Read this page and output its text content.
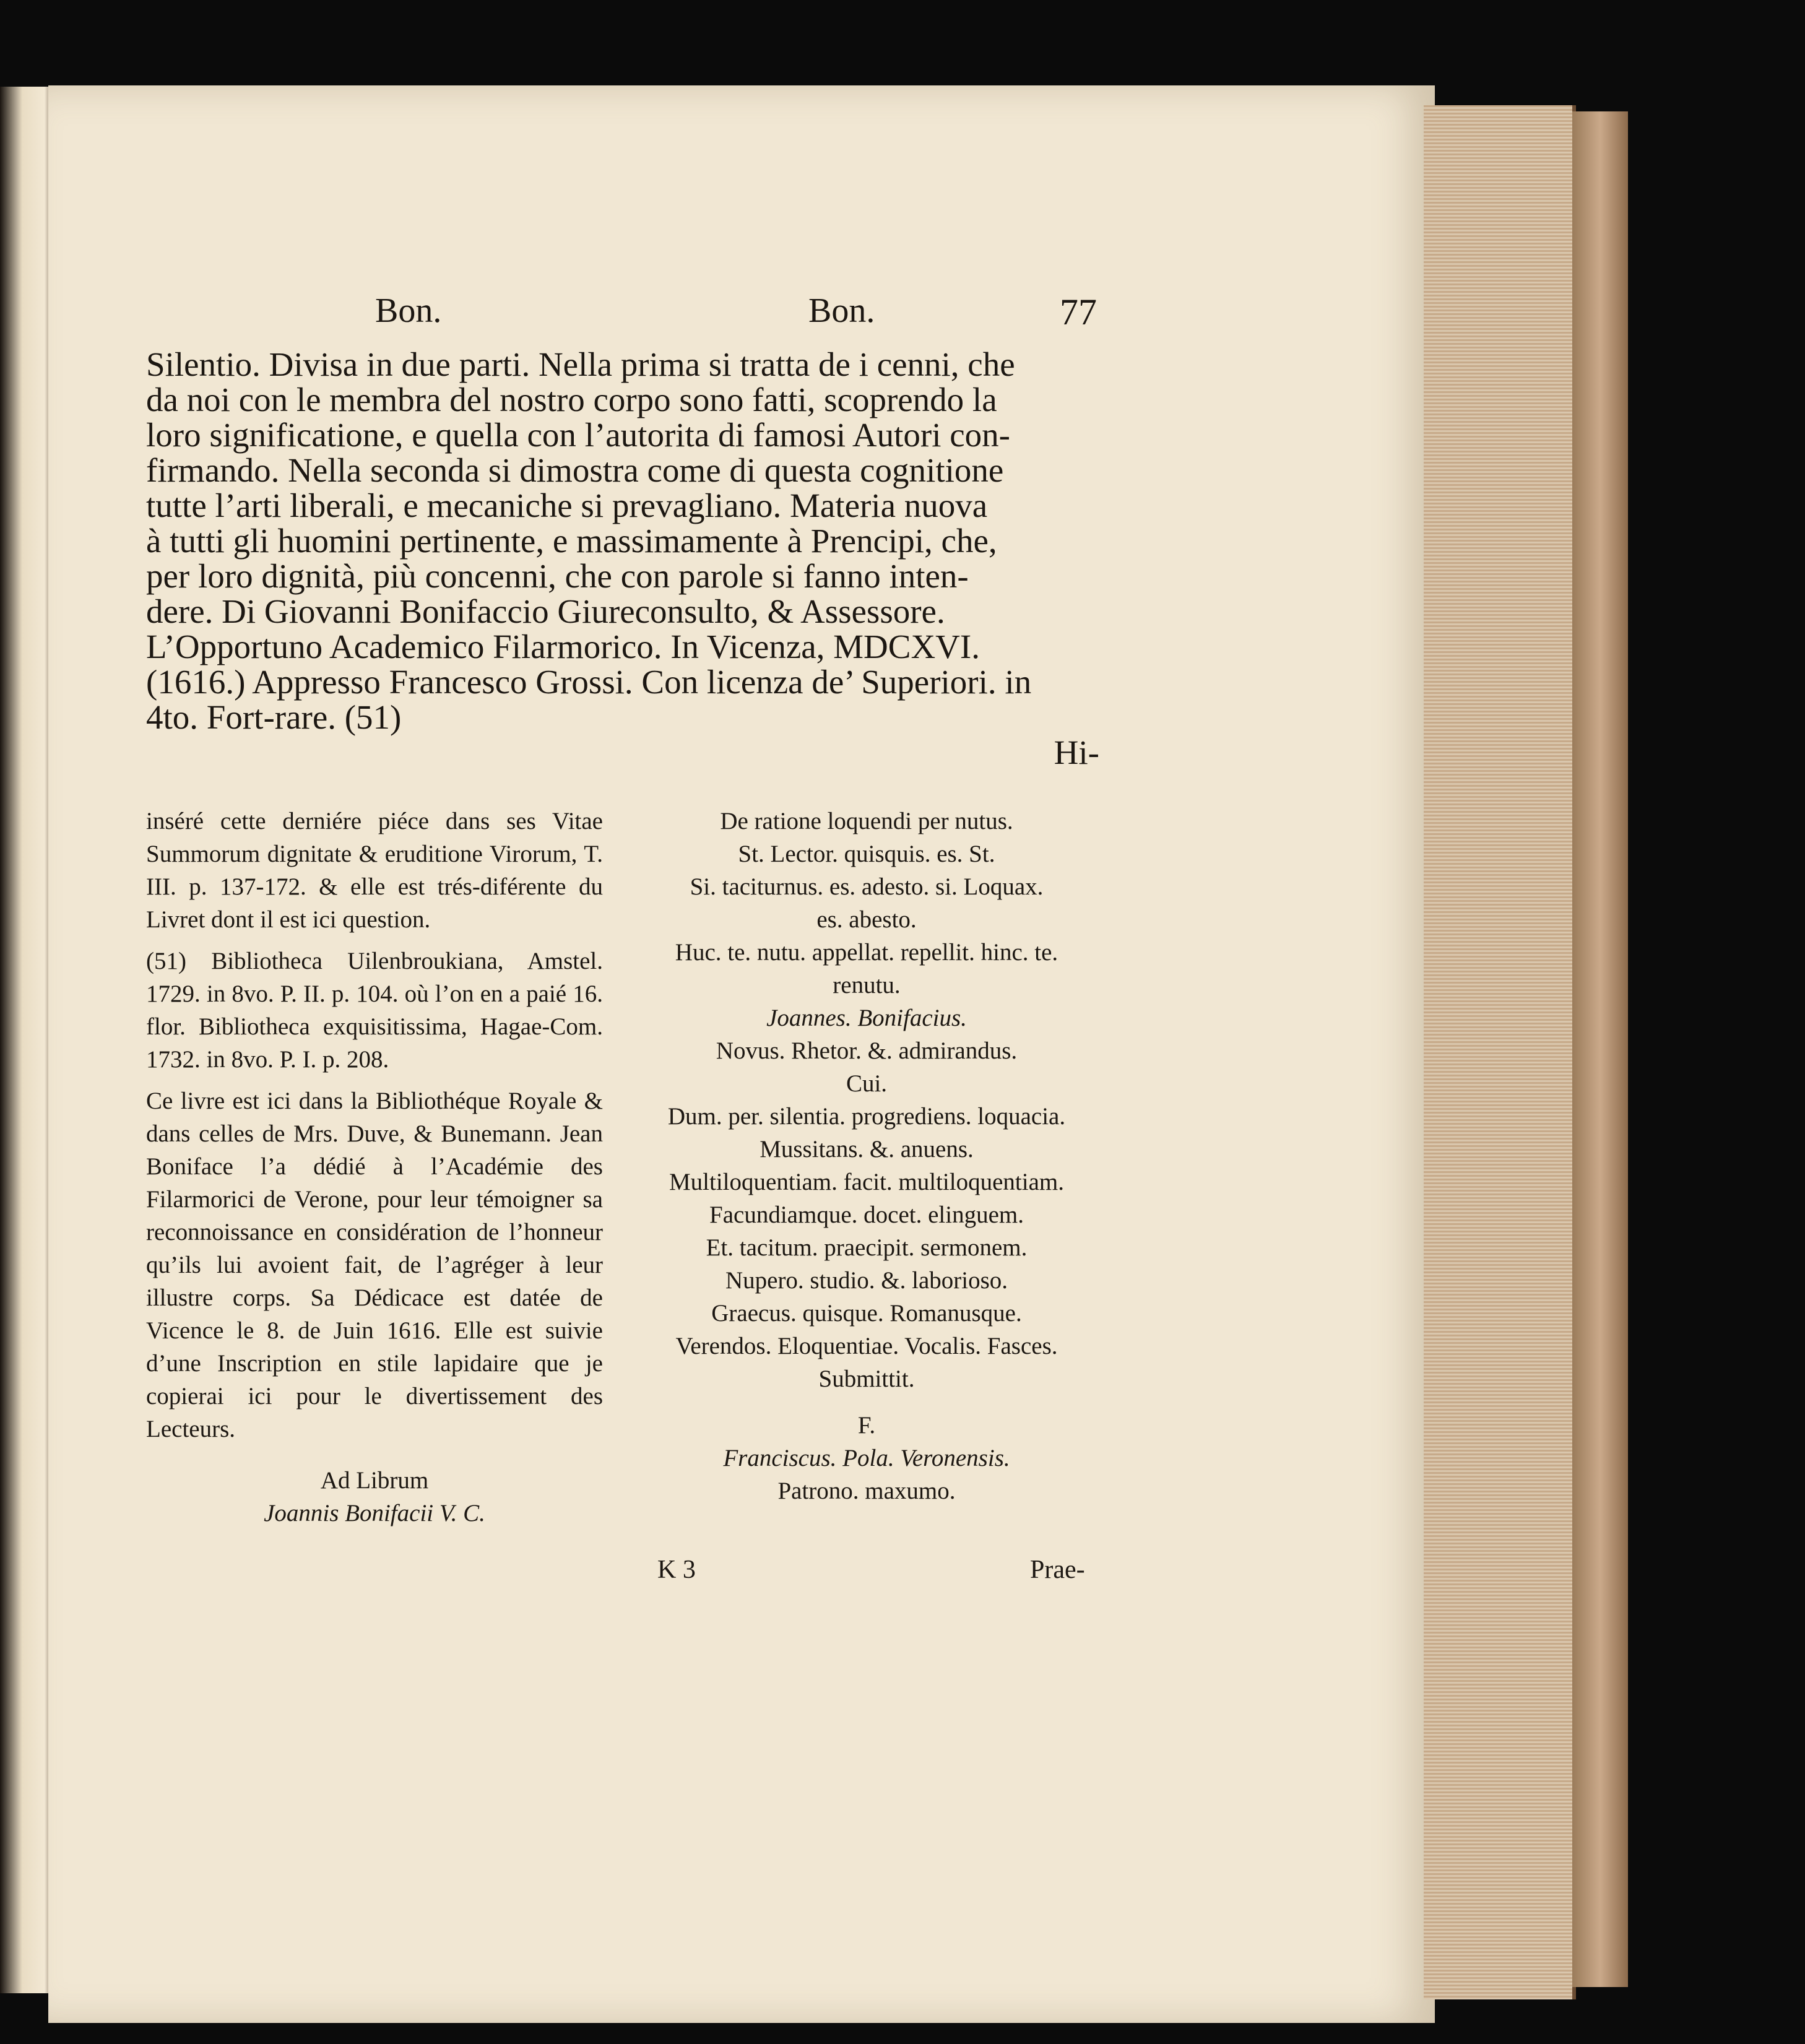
Bon.	Bon.	77

Silentio. Divisa in due parti. Nella prima si tratta de i cenni, che

da noi con le membra del nostro corpo sono fatti, scoprendo la

loro significatione, e quella con l’autorita di famosi Autori con-

firmando. Nella seconda si dimostra come di questa cognitione

tutte l’arti liberali, e mecaniche si prevagliano. Materia nuova

à tutti gli huomini pertinente, e massimamente à Prencipi, che,

per loro dignità, più concenni, che con parole si fanno inten-

dere. Di Giovanni Bonifaccio Giureconsulto, & Assessore.

L’Opportuno Academico Filarmorico. In Vicenza, MDCXVI.

(1616.) Appresso Francesco Grossi. Con licenza de’ Superiori. in

4to. Fort-rare. (51)

Hi-

inséré cette derniére piéce dans ses Vitae Summorum dignitate & eruditione Virorum, T. III. p. 137-172. & elle est trés-diférente du Livret dont il est ici question.

(51) Bibliotheca Uilenbroukiana, Amstel. 1729. in 8vo. P. II. p. 104. où l’on en a paié 16. flor. Bibliotheca exquisitissima, Hagae-Com. 1732. in 8vo. P. I. p. 208.

Ce livre est ici dans la Bibliothéque Royale & dans celles de Mrs. Duve, & Bunemann. Jean Boniface l’a dédié à l’Académie des Filarmorici de Verone, pour leur témoigner sa reconnoissance en considération de l’honneur qu’ils lui avoient fait, de l’agréger à leur illustre corps. Sa Dédicace est datée de Vicence le 8. de Juin 1616. Elle est suivie d’une Inscription en stile lapidaire que je copierai ici pour le divertissement des Lecteurs.

Ad Librum

Joannis Bonifacii V. C.

De ratione loquendi per nutus.

St. Lector. quisquis. es. St.

Si. taciturnus. es. adesto. si. Loquax.

es. abesto.

Huc. te. nutu. appellat. repellit. hinc. te.

renutu.

Joannes. Bonifacius.

Novus. Rhetor. &. admirandus.

Cui.

Dum. per. silentia. progrediens. loquacia.

Mussitans. &. anuens.

Multiloquentiam. facit. multiloquentiam.

Facundiamque. docet. elinguem.

Et. tacitum. praecipit. sermonem.

Nupero. studio. &. laborioso.

Graecus. quisque. Romanusque.

Verendos. Eloquentiae. Vocalis. Fasces.

Submittit.

F.

Franciscus. Pola. Veronensis.

Patrono. maxumo.

K 3	Prae-
